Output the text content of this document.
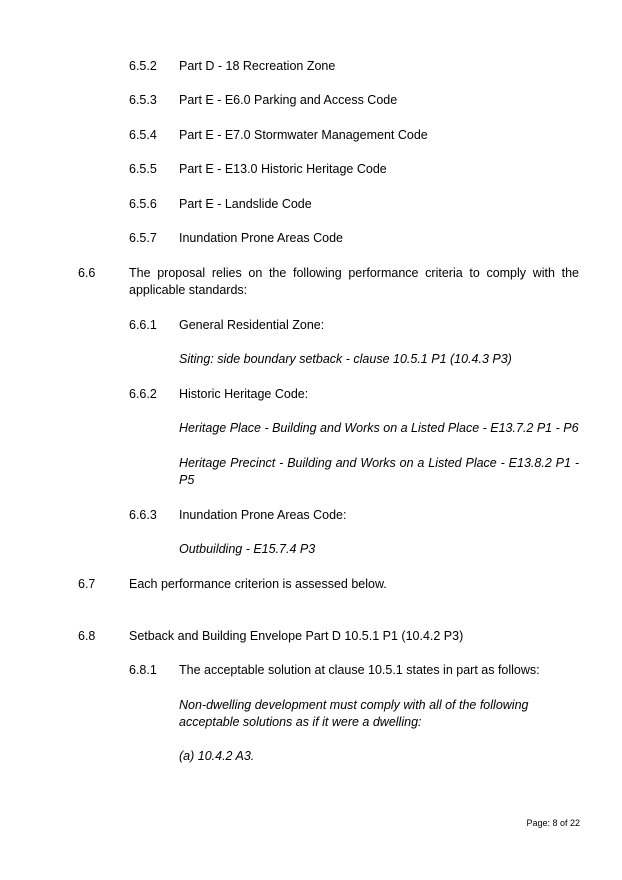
6.5.2 Part D - 18 Recreation Zone
6.5.3 Part E - E6.0 Parking and Access Code
6.5.4 Part E - E7.0 Stormwater Management Code
6.5.5 Part E - E13.0 Historic Heritage Code
6.5.6 Part E - Landslide Code
6.5.7 Inundation Prone Areas Code
6.6	The proposal relies on the following performance criteria to comply with the applicable standards:
6.6.1 General Residential Zone:
Siting: side boundary setback - clause 10.5.1 P1 (10.4.3 P3)
6.6.2 Historic Heritage Code:
Heritage Place - Building and Works on a Listed Place - E13.7.2 P1 - P6
Heritage Precinct - Building and Works on a Listed Place - E13.8.2 P1 - P5
6.6.3 Inundation Prone Areas Code:
Outbuilding - E15.7.4 P3
6.7	Each performance criterion is assessed below.
6.8	Setback and Building Envelope Part D 10.5.1 P1 (10.4.2 P3)
6.8.1 The acceptable solution at clause 10.5.1 states in part as follows:
Non-dwelling development must comply with all of the following acceptable solutions as if it were a dwelling:
(a) 10.4.2 A3.
Page: 8 of 22
